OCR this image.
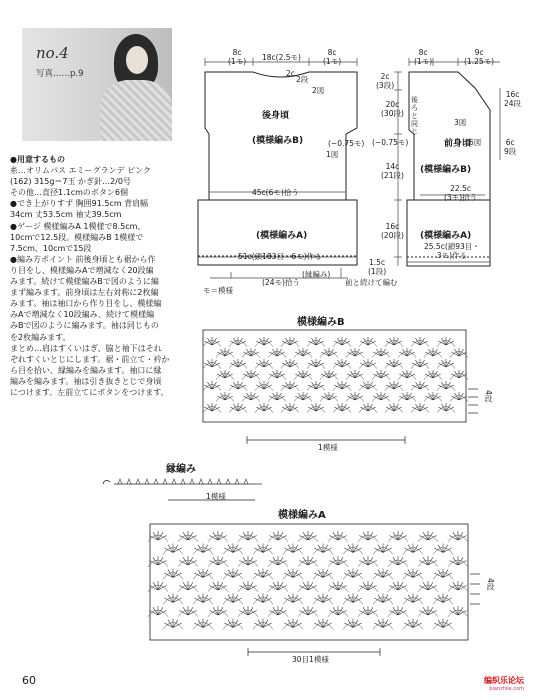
no.4
写真……p.9

●用意するもの

糸…オリムパス エミーグランデ ピンク

(162) 315g＝7玉 かぎ針…2/0号

その他…直径1.1cmのボタン6個

●でき上がりすず 胸囲91.5cm 背肩幅

34cm 丈53.5cm 袖丈39.5cm

●ゲージ 模様編みA 1模様で8.5cm、

10cmで12.5段。模様編みB 1模様で

7.5cm、10cmで15段

●編み方ポイント 前後身頃とも裾から作

り目をし、模様編みAで増減なく20段編

みます。続けて模様編みBで図のように編

まず編みます。前身頃は左右対称に2枚編

みます。袖は袖口から作り目をし、模様編

みAで増減なく10段編み、続けて模様編

みBで図のように編みます。袖は同じもの

を2枚編みます。

まとめ…肩はすくいはぎ、脇と袖下はそれ

ぞれすくいとじにします。裾・前立て・衿か

ら目を拾い、縁編みを編みます。袖口に縁

編みを編みます。袖は引き抜きとじで身頃

につけます。左前立てにボタンをつけます。

8c
(1モ) 18c(2.5モ)
8c
(1モ)
2c
2段
2図
後身頃
(模様編みB)	(−0.75モ)
1図
45c(6モ)拾う
(模様編みA)
51c(鎖183目・6モ)作る
(縁編み)
(24モ)拾う	前と続けて編む
モ＝模様
1.5c
(1段)
8c
(1モ)
9c
(1.25モ)
2c
(3段)
20c
(30段)
14c
(21段)
16c
(20段)
16c
24段
6c
9段
後ろと同じ
3図
前身頃
(−0.75モ)	6図
(模様編みB)
22.5c
(3モ)拾う
(模様編みA)
25.5c(鎖93目・
3モ)作る
模様編みB
1模様
4段
縁編み
1模様
模様編みA
30目1模様
4段
60	编织乐论坛
bianzhile.com
